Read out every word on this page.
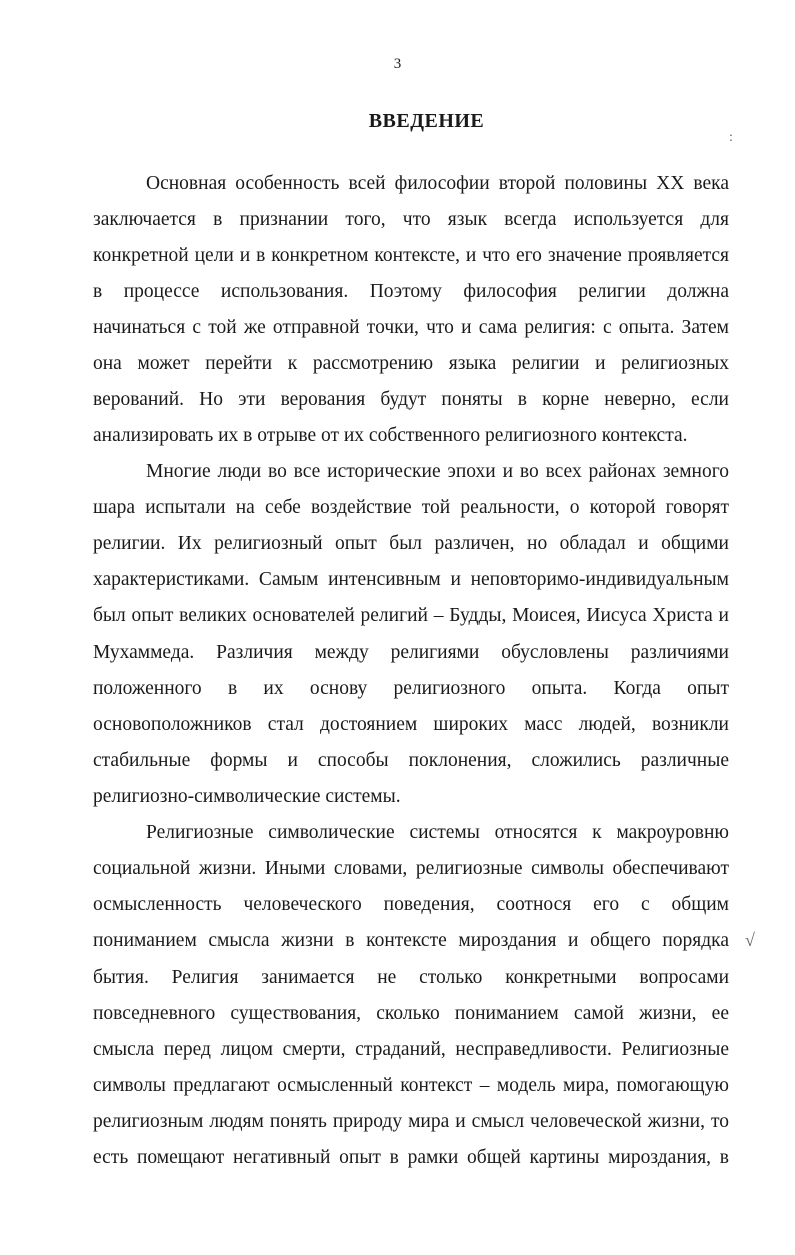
3
ВВЕДЕНИЕ
Основная особенность всей философии второй половины XX века
заключается в признании того, что язык всегда используется для
конкретной цели и в конкретном контексте, и что его значение проявляется
в процессе использования. Поэтому философия религии должна
начинаться с той же отправной точки, что и сама религия: с опыта. Затем
она может перейти к рассмотрению языка религии и религиозных
верований. Но эти верования будут поняты в корне неверно, если
анализировать их в отрыве от их собственного религиозного контекста.
Многие люди во все исторические эпохи и во всех районах земного
шара испытали на себе воздействие той реальности, о которой говорят
религии. Их религиозный опыт был различен, но обладал и общими
характеристиками. Самым интенсивным и неповторимо-индивидуальным
был опыт великих основателей религий – Будды, Моисея, Иисуса Христа и
Мухаммеда. Различия между религиями обусловлены различиями
положенного в их основу религиозного опыта. Когда опыт
основоположников стал достоянием широких масс людей, возникли
стабильные формы и способы поклонения, сложились различные
религиозно-символические системы.
Религиозные символические системы относятся к макроуровню
социальной жизни. Иными словами, религиозные символы обеспечивают
осмысленность человеческого поведения, соотнося его с общим
пониманием смысла жизни в контексте мироздания и общего порядка
бытия. Религия занимается не столько конкретными вопросами
повседневного существования, сколько пониманием самой жизни, ее
смысла перед лицом смерти, страданий, несправедливости. Религиозные
символы предлагают осмысленный контекст – модель мира, помогающую
религиозным людям понять природу мира и смысл человеческой жизни, то
есть помещают негативный опыт в рамки общей картины мироздания, в
:
√
